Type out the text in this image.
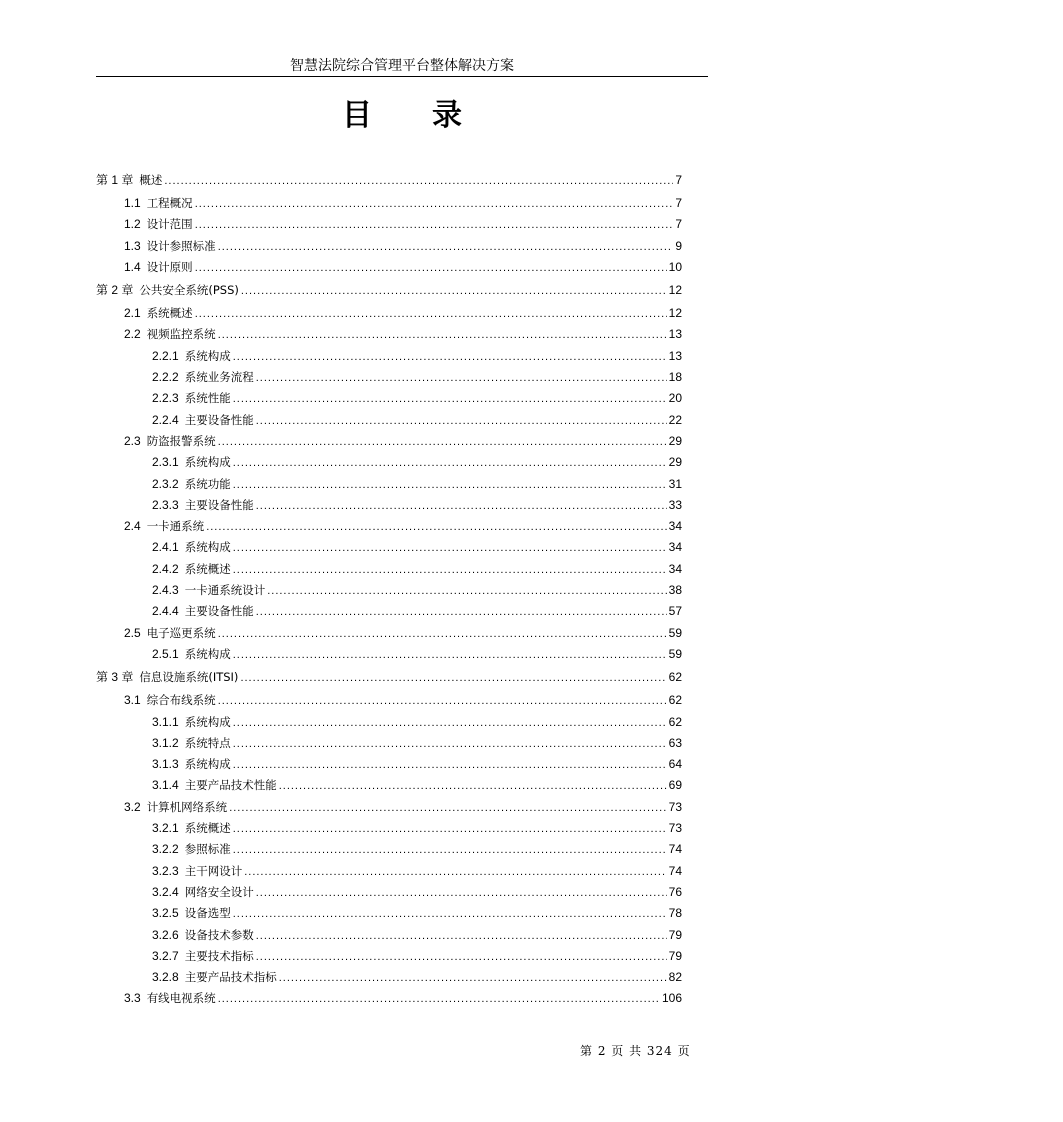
智慧法院综合管理平台整体解决方案
目录
第 1 章 概述 .....	7
1.1 工程概况 .....	7
1.2 设计范围 .....	7
1.3 设计参照标准 .....	9
1.4 设计原则 .....	10
第 2 章 公共安全系统(PSS) .....	12
2.1 系统概述 .....	12
2.2 视频监控系统 .....	13
2.2.1 系统构成 .....	13
2.2.2 系统业务流程 .....	18
2.2.3 系统性能 .....	20
2.2.4 主要设备性能 .....	22
2.3 防盗报警系统 .....	29
2.3.1 系统构成 .....	29
2.3.2 系统功能 .....	31
2.3.3 主要设备性能 .....	33
2.4 一卡通系统 .....	34
2.4.1 系统构成 .....	34
2.4.2 系统概述 .....	34
2.4.3 一卡通系统设计 .....	38
2.4.4 主要设备性能 .....	57
2.5 电子巡更系统 .....	59
2.5.1 系统构成 .....	59
第 3 章 信息设施系统(ITSI) .....	62
3.1 综合布线系统 .....	62
3.1.1 系统构成 .....	62
3.1.2 系统特点 .....	63
3.1.3 系统构成 .....	64
3.1.4 主要产品技术性能 .....	69
3.2 计算机网络系统 .....	73
3.2.1 系统概述 .....	73
3.2.2 参照标准 .....	74
3.2.3 主干网设计 .....	74
3.2.4 网络安全设计 .....	76
3.2.5 设备选型 .....	78
3.2.6 设备技术参数 .....	79
3.2.7 主要技术指标 .....	79
3.2.8 主要产品技术指标 .....	82
3.3 有线电视系统 .....	106
第 2 页 共 324 页
